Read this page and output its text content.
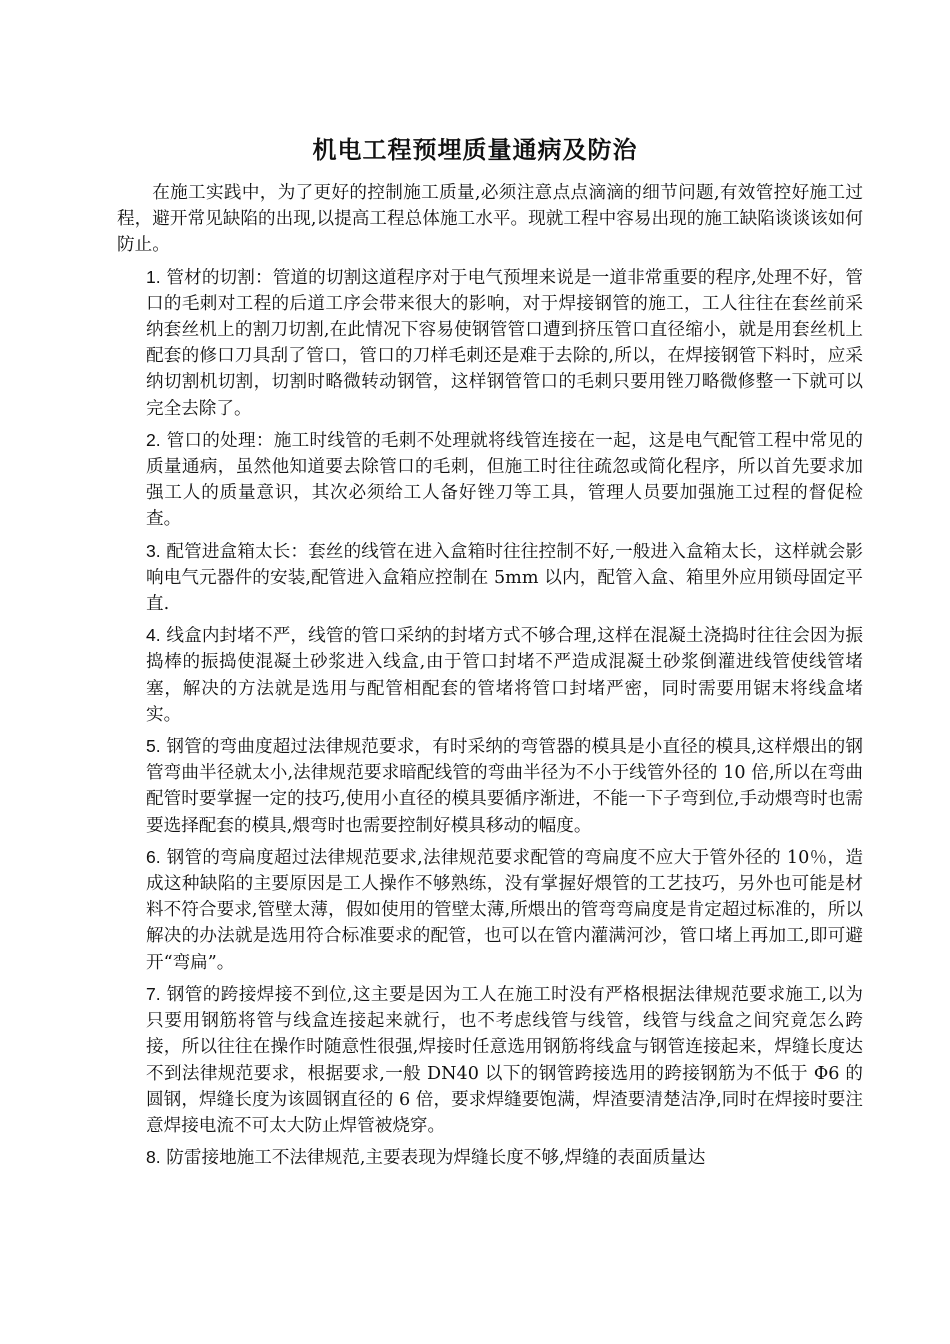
机电工程预埋质量通病及防治

在施工实践中，为了更好的控制施工质量,必须注意点点滴滴的细节问题,有效管控好施工过程，避开常见缺陷的出现,以提高工程总体施工水平。现就工程中容易出现的施工缺陷谈谈该如何防止。

1. 管材的切割：管道的切割这道程序对于电气预埋来说是一道非常重要的程序,处理不好，管口的毛刺对工程的后道工序会带来很大的影响，对于焊接钢管的施工，工人往往在套丝前采纳套丝机上的割刀切割,在此情况下容易使钢管管口遭到挤压管口直径缩小，就是用套丝机上配套的修口刀具刮了管口，管口的刀样毛刺还是难于去除的,所以，在焊接钢管下料时，应采纳切割机切割，切割时略微转动钢管，这样钢管管口的毛刺只要用锉刀略微修整一下就可以完全去除了。

2. 管口的处理：施工时线管的毛刺不处理就将线管连接在一起，这是电气配管工程中常见的质量通病，虽然他知道要去除管口的毛刺，但施工时往往疏忽或简化程序，所以首先要求加强工人的质量意识，其次必须给工人备好锉刀等工具，管理人员要加强施工过程的督促检查。

3. 配管进盒箱太长：套丝的线管在进入盒箱时往往控制不好,一般进入盒箱太长，这样就会影响电气元器件的安装,配管进入盒箱应控制在 5mm 以内，配管入盒、箱里外应用锁母固定平直.

4. 线盒内封堵不严，线管的管口采纳的封堵方式不够合理,这样在混凝土浇捣时往往会因为振捣棒的振捣使混凝土砂浆进入线盒,由于管口封堵不严造成混凝土砂浆倒灌进线管使线管堵塞，解决的方法就是选用与配管相配套的管堵将管口封堵严密，同时需要用锯末将线盒堵实。

5. 钢管的弯曲度超过法律规范要求，有时采纳的弯管器的模具是小直径的模具,这样煨出的钢管弯曲半径就太小,法律规范要求暗配线管的弯曲半径为不小于线管外径的 10 倍,所以在弯曲配管时要掌握一定的技巧,使用小直径的模具要循序渐进，不能一下子弯到位,手动煨弯时也需要选择配套的模具,煨弯时也需要控制好模具移动的幅度。

6. 钢管的弯扁度超过法律规范要求,法律规范要求配管的弯扁度不应大于管外径的 10％，造成这种缺陷的主要原因是工人操作不够熟练，没有掌握好煨管的工艺技巧，另外也可能是材料不符合要求,管壁太薄，假如使用的管壁太薄,所煨出的管弯弯扁度是肯定超过标准的，所以解决的办法就是选用符合标准要求的配管，也可以在管内灌满河沙，管口堵上再加工,即可避开“弯扁”。

7. 钢管的跨接焊接不到位,这主要是因为工人在施工时没有严格根据法律规范要求施工,以为只要用钢筋将管与线盒连接起来就行，也不考虑线管与线管，线管与线盒之间究竟怎么跨接，所以往往在操作时随意性很强,焊接时任意选用钢筋将线盒与钢管连接起来，焊缝长度达不到法律规范要求，根据要求,一般 DN40 以下的钢管跨接选用的跨接钢筋为不低于 Φ6 的圆钢，焊缝长度为该圆钢直径的 6 倍，要求焊缝要饱满，焊渣要清楚洁净,同时在焊接时要注意焊接电流不可太大防止焊管被烧穿。

8. 防雷接地施工不法律规范,主要表现为焊缝长度不够,焊缝的表面质量达
